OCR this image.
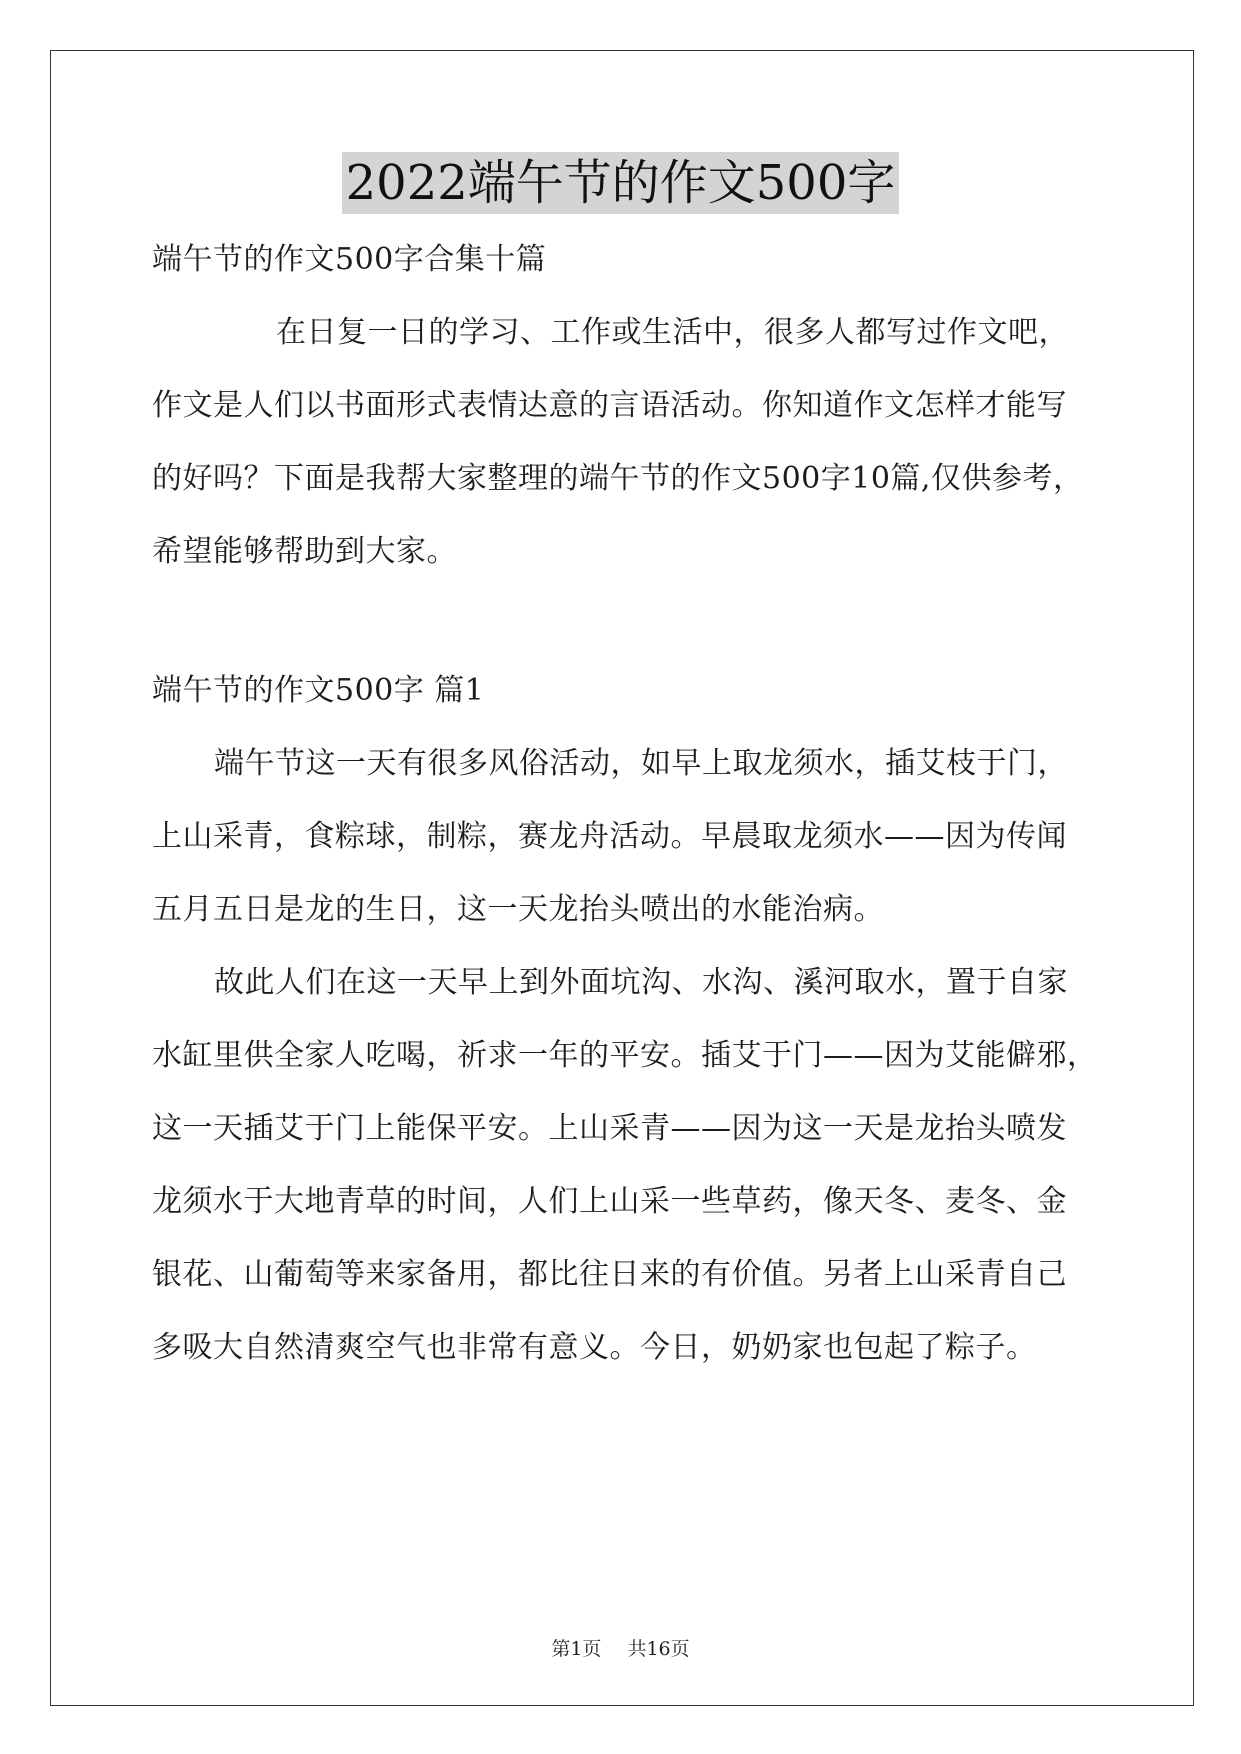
2022端午节的作文500字
端午节的作文500字合集十篇
在日复一日的学习、工作或生活中，很多人都写过作文吧，
作文是人们以书面形式表情达意的言语活动。你知道作文怎样才能写
的好吗？下面是我帮大家整理的端午节的作文500字10篇,仅供参考，
希望能够帮助到大家。
端午节的作文500字 篇1
端午节这一天有很多风俗活动，如早上取龙须水，插艾枝于门，
上山采青，食粽球，制粽，赛龙舟活动。早晨取龙须水——因为传闻
五月五日是龙的生日，这一天龙抬头喷出的水能治病。
故此人们在这一天早上到外面坑沟、水沟、溪河取水，置于自家
水缸里供全家人吃喝，祈求一年的平安。插艾于门——因为艾能僻邪，
这一天插艾于门上能保平安。上山采青——因为这一天是龙抬头喷发
龙须水于大地青草的时间，人们上山采一些草药，像天冬、麦冬、金
银花、山葡萄等来家备用，都比往日来的有价值。另者上山采青自己
多吸大自然清爽空气也非常有意义。今日，奶奶家也包起了粽子。
第1页 共16页
